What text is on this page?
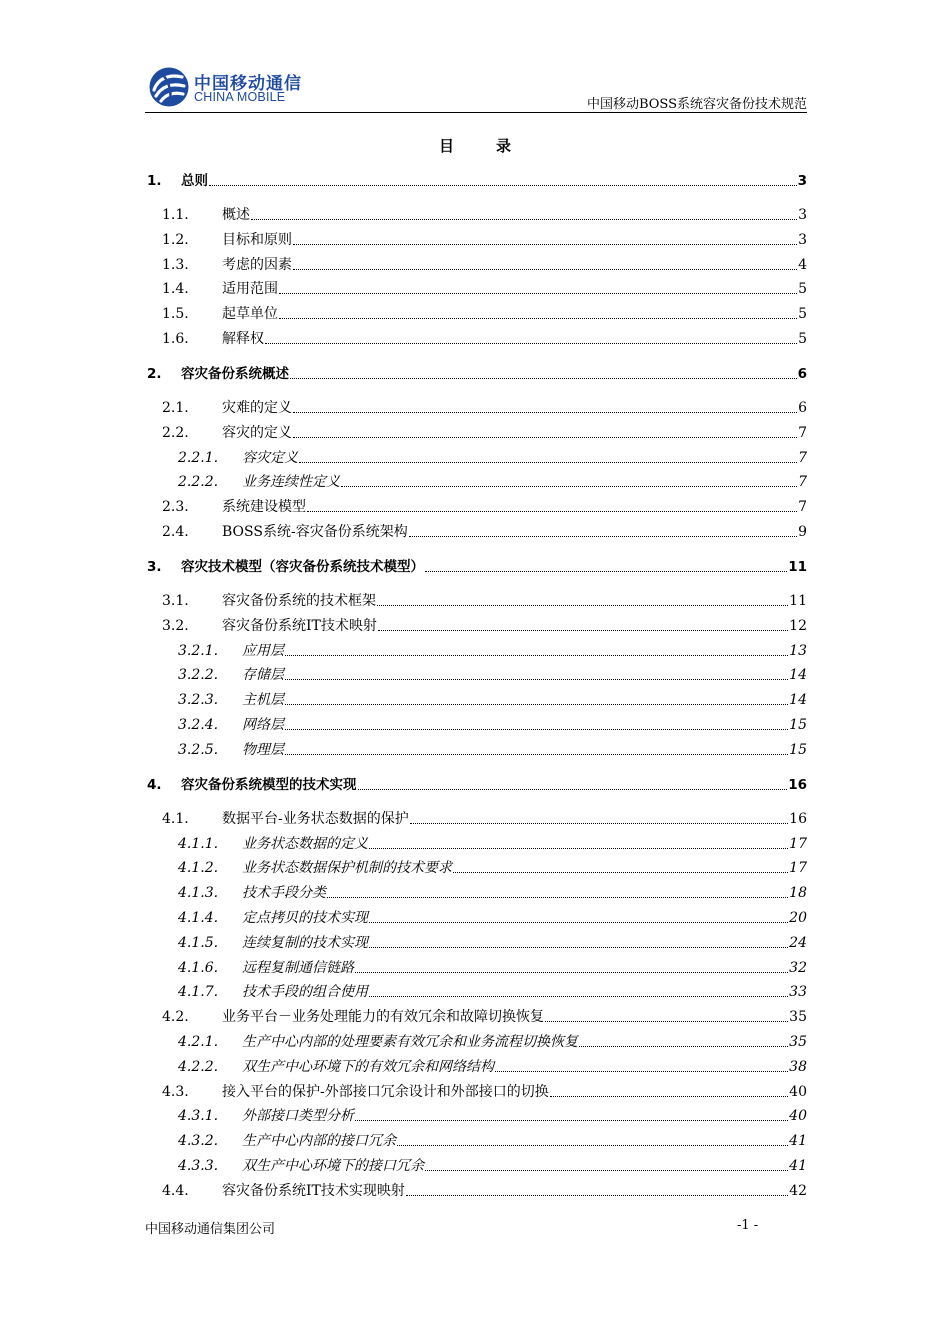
中国移动通信
CHINA MOBILE	中国移动BOSS系统容灾备份技术规范
目	录
1.	总则	3
1.1.	概述	3
1.2.	目标和原则	3
1.3.	考虑的因素	4
1.4.	适用范围	5
1.5.	起草单位	5
1.6.	解释权	5
2.	容灾备份系统概述	6
2.1.	灾难的定义	6
2.2.	容灾的定义	7
2.2.1.	容灾定义	7
2.2.2.	业务连续性定义	7
2.3.	系统建设模型	7
2.4.	BOSS系统-容灾备份系统架构	9
3.	容灾技术模型（容灾备份系统技术模型）	11
3.1.	容灾备份系统的技术框架	11
3.2.	容灾备份系统IT技术映射	12
3.2.1.	应用层	13
3.2.2.	存储层	14
3.2.3.	主机层	14
3.2.4.	网络层	15
3.2.5.	物理层	15
4.	容灾备份系统模型的技术实现	16
4.1.	数据平台-业务状态数据的保护	16
4.1.1.	业务状态数据的定义	17
4.1.2.	业务状态数据保护机制的技术要求	17
4.1.3.	技术手段分类	18
4.1.4.	定点拷贝的技术实现	20
4.1.5.	连续复制的技术实现	24
4.1.6.	远程复制通信链路	32
4.1.7.	技术手段的组合使用	33
4.2.	业务平台－业务处理能力的有效冗余和故障切换恢复	35
4.2.1.	生产中心内部的处理要素有效冗余和业务流程切换恢复	35
4.2.2.	双生产中心环境下的有效冗余和网络结构	38
4.3.	接入平台的保护-外部接口冗余设计和外部接口的切换	40
4.3.1.	外部接口类型分析	40
4.3.2.	生产中心内部的接口冗余	41
4.3.3.	双生产中心环境下的接口冗余	41
4.4.	容灾备份系统IT技术实现映射	42
中国移动通信集团公司	-1 -
